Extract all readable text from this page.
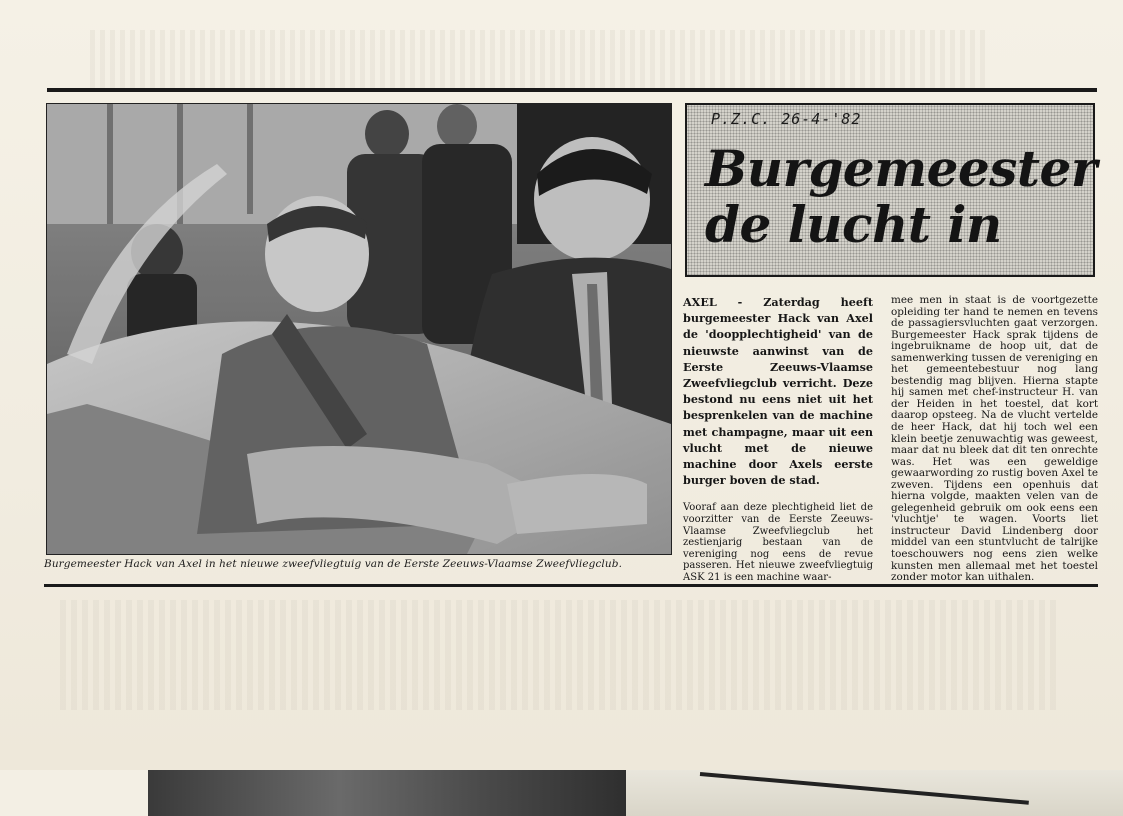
Burgemeester Hack van Axel in het nieuwe zweefvliegtuig van de Eerste Zeeuws-Vlaamse Zweefvliegclub.
P.Z.C. 26-4-'82
Burgemeester
de lucht in

AXEL - Zaterdag heeft burgemeester Hack van Axel de 'doopplechtigheid' van de nieuwste aanwinst van de Eerste Zeeuws-Vlaamse Zweefvliegclub verricht. Deze bestond nu eens niet uit het besprenkelen van de machine met champagne, maar uit een vlucht met de nieuwe machine door Axels eerste burger boven de stad.

Vooraf aan deze plechtigheid liet de voorzitter van de Eerste Zeeuws-Vlaamse Zweefvliegclub het zestienjarig bestaan van de vereniging nog eens de revue passeren. Het nieuwe zweefvliegtuig ASK 21 is een machine waar-

mee men in staat is de voortgezette opleiding ter hand te nemen en tevens de passagiersvluchten gaat verzorgen. Burgemeester Hack sprak tijdens de ingebruikname de hoop uit, dat de samenwerking tussen de vereniging en het gemeentebestuur nog lang bestendig mag blijven. Hierna stapte hij samen met chef-instructeur H. van der Heiden in het toestel, dat kort daarop opsteeg. Na de vlucht vertelde de heer Hack, dat hij toch wel een klein beetje zenuwachtig was geweest, maar dat nu bleek dat dit ten onrechte was. Het was een geweldige gewaarwording zo rustig boven Axel te zweven. Tijdens een openhuis dat hierna volgde, maakten velen van de gelegenheid gebruik om ook eens een 'vluchtje' te wagen. Voorts liet instructeur David Lindenberg door middel van een stuntvlucht de talrijke toeschouwers nog eens zien welke kunsten men allemaal met het toestel zonder motor kan uithalen.
